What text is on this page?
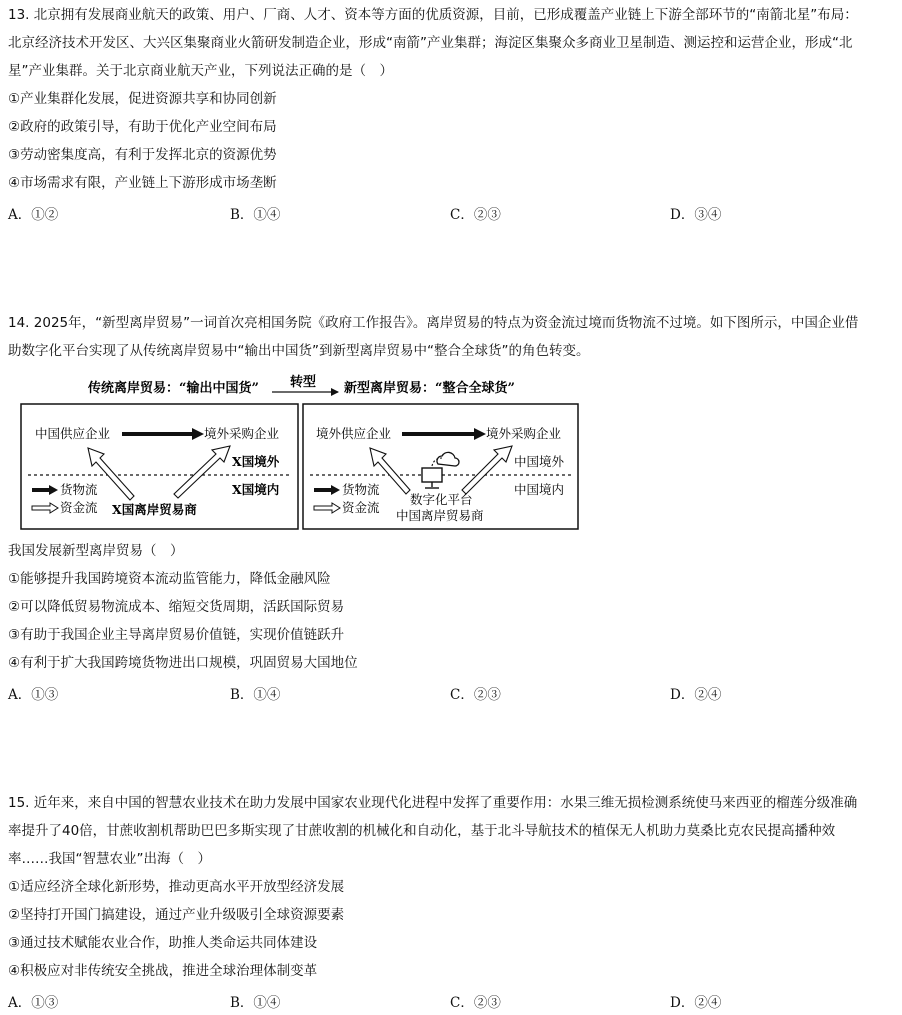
13. 北京拥有发展商业航天的政策、用户、厂商、人才、资本等方面的优质资源，目前，已形成覆盖产业链上下游全部环节的“南箭北星”布局：
北京经济技术开发区、大兴区集聚商业火箭研发制造企业，形成“南箭”产业集群；海淀区集聚众多商业卫星制造、测运控和运营企业，形成“北
星”产业集群。关于北京商业航天产业，下列说法正确的是（　）
①产业集群化发展，促进资源共享和协同创新
②政府的政策引导，有助于优化产业空间布局
③劳动密集度高，有利于发挥北京的资源优势
④市场需求有限，产业链上下游形成市场垄断
A．①②	B．①④	C．②③	D．③④
14. 2025年，“新型离岸贸易”一词首次亮相国务院《政府工作报告》。离岸贸易的特点为资金流过境而货物流不过境。如下图所示，中国企业借
助数字化平台实现了从传统离岸贸易中“输出中国货”到新型离岸贸易中“整合全球货”的角色转变。
传统离岸贸易：“输出中国货” 转型 新型离岸贸易：“整合全球货”
中国供应企业	境外采购企业
X国境外
X国境内
货物流
资金流 X国离岸贸易商
境外供应企业	境外采购企业
中国境外
中国境内
货物流
资金流
数字化平台
中国离岸贸易商
我国发展新型离岸贸易（　）
①能够提升我国跨境资本流动监管能力，降低金融风险
②可以降低贸易物流成本、缩短交货周期，活跃国际贸易
③有助于我国企业主导离岸贸易价值链，实现价值链跃升
④有利于扩大我国跨境货物进出口规模，巩固贸易大国地位
A．①③	B．①④	C．②③	D．②④
15. 近年来，来自中国的智慧农业技术在助力发展中国家农业现代化进程中发挥了重要作用：水果三维无损检测系统使马来西亚的榴莲分级准确
率提升了40倍，甘蔗收割机帮助巴巴多斯实现了甘蔗收割的机械化和自动化，基于北斗导航技术的植保无人机助力莫桑比克农民提高播种效
率……我国“智慧农业”出海（　）
①适应经济全球化新形势，推动更高水平开放型经济发展
②坚持打开国门搞建设，通过产业升级吸引全球资源要素
③通过技术赋能农业合作，助推人类命运共同体建设
④积极应对非传统安全挑战，推进全球治理体制变革
A．①③	B．①④	C．②③	D．②④
